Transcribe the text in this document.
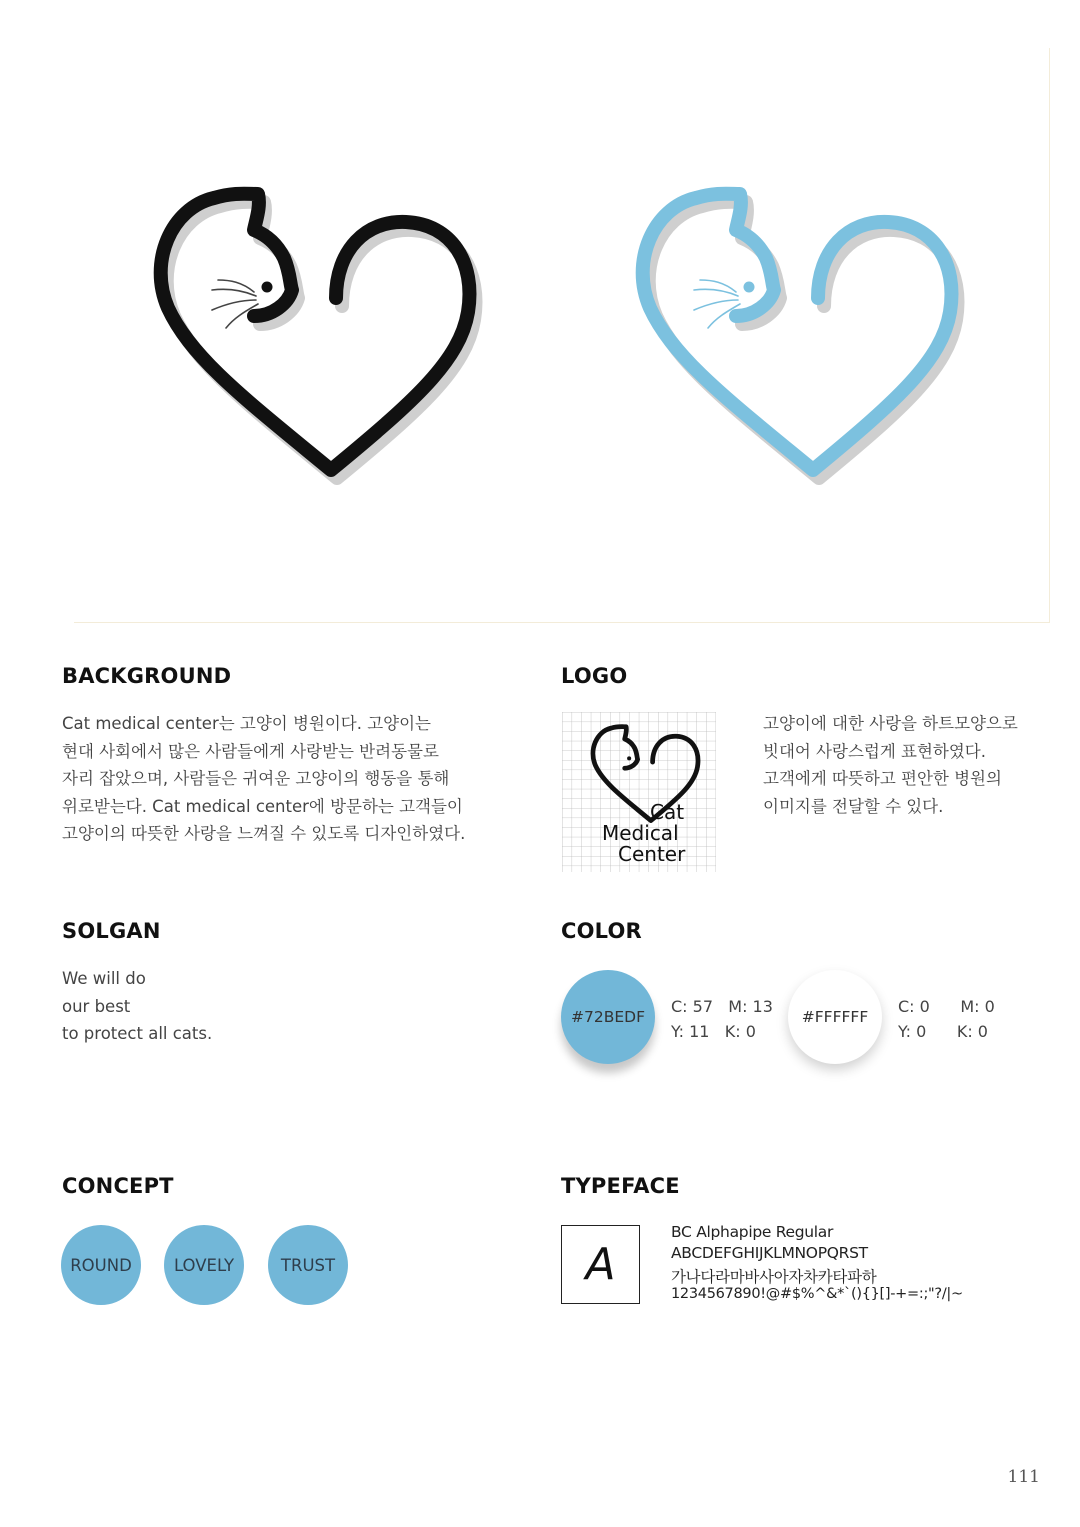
BACKGROUND

Cat medical center는 고양이 병원이다. 고양이는
현대 사회에서 많은 사람들에게 사랑받는 반려동물로
자리 잡았으며, 사람들은 귀여운 고양이의 행동을 통해
위로받는다. Cat medical center에 방문하는 고객들이
고양이의 따뜻한 사랑을 느껴질 수 있도록 디자인하였다.

LOGO
Cat
Medical
Center

고양이에 대한 사랑을 하트모양으로
빗대어 사랑스럽게 표현하였다.
고객에게 따뜻하고 편안한 병원의
이미지를 전달할 수 있다.

SOLGAN

We will do
our best
to protect all cats.

COLOR
#72BEDF
C: 57   M: 13
Y: 11   K: 0
#FFFFFF
C: 0      M: 0
Y: 0      K: 0
CONCEPT
ROUND	LOVELY	TRUST
TYPEFACE
A
BC Alphapipe Regular
ABCDEFGHIJKLMNOPQRST
가나다라마바사아자차카타파하
1234567890!@#$%^&*`(){}[]-+=:;"?/|~
111
